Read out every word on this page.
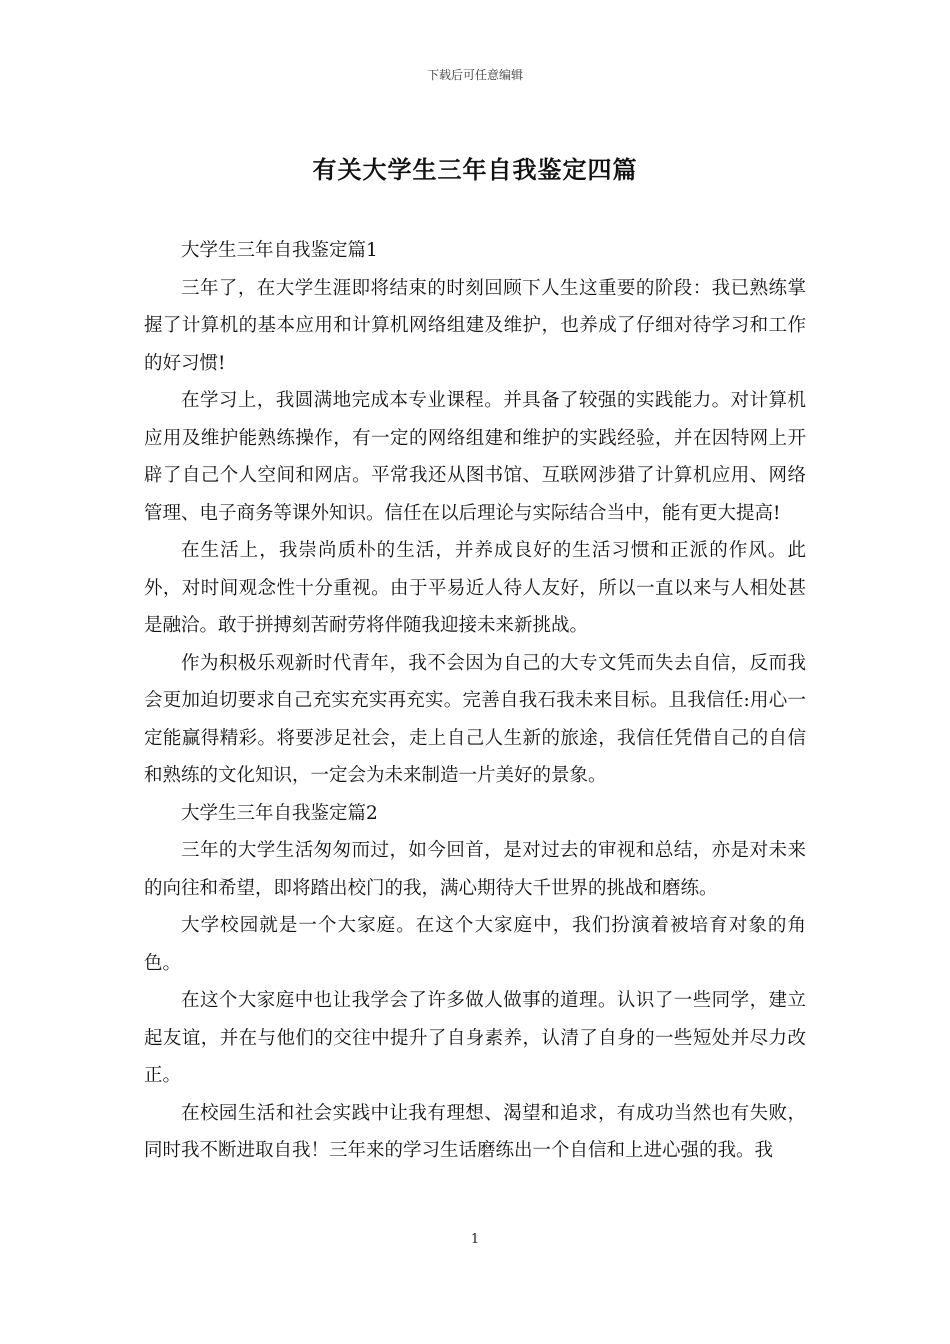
下载后可任意编辑
有关大学生三年自我鉴定四篇

大学生三年自我鉴定篇1

三年了，在大学生涯即将结束的时刻回顾下人生这重要的阶段：我已熟练掌握了计算机的基本应用和计算机网络组建及维护，也养成了仔细对待学习和工作的好习惯!

在学习上，我圆满地完成本专业课程。并具备了较强的实践能力。对计算机应用及维护能熟练操作，有一定的网络组建和维护的实践经验，并在因特网上开辟了自己个人空间和网店。平常我还从图书馆、互联网涉猎了计算机应用、网络管理、电子商务等课外知识。信任在以后理论与实际结合当中，能有更大提高!

在生活上，我崇尚质朴的生活，并养成良好的生活习惯和正派的作风。此外，对时间观念性十分重视。由于平易近人待人友好，所以一直以来与人相处甚是融洽。敢于拼搏刻苦耐劳将伴随我迎接未来新挑战。

作为积极乐观新时代青年，我不会因为自己的大专文凭而失去自信，反而我会更加迫切要求自己充实充实再充实。完善自我石我未来目标。且我信任:用心一定能赢得精彩。将要涉足社会，走上自己人生新的旅途，我信任凭借自己的自信和熟练的文化知识，一定会为未来制造一片美好的景象。

大学生三年自我鉴定篇2

三年的大学生活匆匆而过，如今回首，是对过去的审视和总结，亦是对未来的向往和希望，即将踏出校门的我，满心期待大千世界的挑战和磨练。

大学校园就是一个大家庭。在这个大家庭中，我们扮演着被培育对象的角色。

在这个大家庭中也让我学会了许多做人做事的道理。认识了一些同学，建立起友谊，并在与他们的交往中提升了自身素养，认清了自身的一些短处并尽力改正。

在校园生活和社会实践中让我有理想、渴望和追求，有成功当然也有失败，同时我不断进取自我！三年来的学习生话磨练出一个自信和上进心强的我。我

1
